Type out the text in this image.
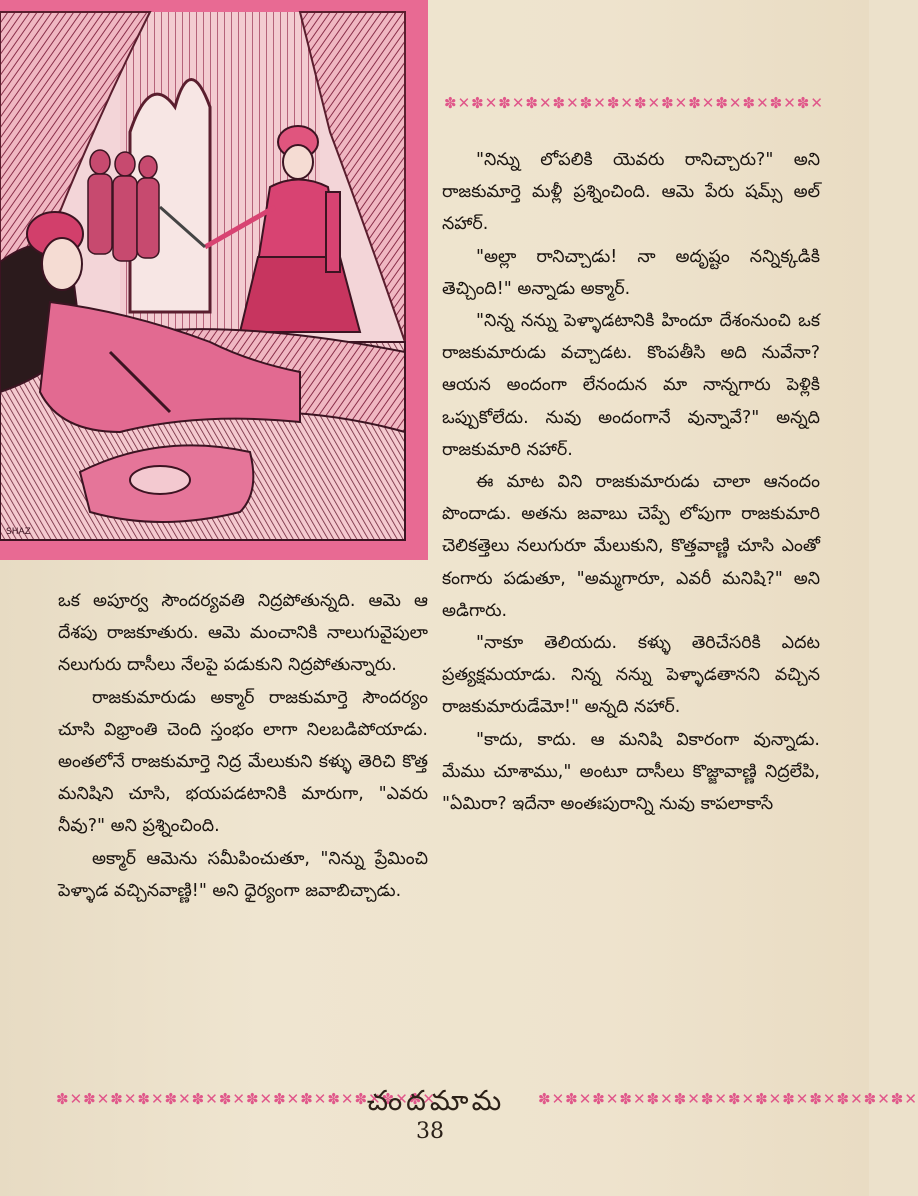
SHAZ
✽✕✽✕✽✕✽✕✽✕✽✕✽✕✽✕✽✕✽✕✽✕✽✕✽✕✽✕

"నిన్ను లోపలికి యెవరు రానిచ్చారు?" అని రాజకుమార్తె మళ్లీ ప్రశ్నించింది. ఆమె పేరు షమ్స్ అల్ నహార్.

"అల్లా రానిచ్చాడు! నా అదృష్టం నన్నిక్కడికి తెచ్చింది!" అన్నాడు అక్మార్.

"నిన్న నన్ను పెళ్ళాడటానికి హిందూ దేశంనుంచి ఒక రాజకుమారుడు వచ్చాడట. కొంపతీసి అది నువేనా? ఆయన అందంగా లేనందున మా నాన్నగారు పెళ్లికి ఒప్పుకోలేదు. నువు అందంగానే వున్నావే?" అన్నది రాజకుమారి నహార్.

ఈ మాట విని రాజకుమారుడు చాలా ఆనందం పొందాడు. అతను జవాబు చెప్పే లోపుగా రాజకుమారి చెలికత్తెలు నలుగురూ మేలుకుని, కొత్తవాణ్ణి చూసి ఎంతో కంగారు పడుతూ, "అమ్మగారూ, ఎవరీ మనిషి?" అని అడిగారు.

"నాకూ తెలియదు. కళ్ళు తెరిచేసరికి ఎదట ప్రత్యక్షమయాడు. నిన్న నన్ను పెళ్ళాడతానని వచ్చిన రాజకుమారుడేమో!" అన్నది నహార్.

"కాదు, కాదు. ఆ మనిషి వికారంగా వున్నాడు. మేము చూశాము," అంటూ దాసీలు కొజ్జావాణ్ణి నిద్రలేపి, "ఏమిరా? ఇదేనా అంతఃపురాన్ని నువు కాపలాకాసే

ఒక అపూర్వ సౌందర్యవతి నిద్రపోతున్నది. ఆమె ఆ దేశపు రాజకూతురు. ఆమె మంచానికి నాలుగువైపులా నలుగురు దాసీలు నేలపై పడుకుని నిద్రపోతున్నారు.

రాజకుమారుడు అక్మార్ రాజకుమార్తె సౌందర్యం చూసి విభ్రాంతి చెంది స్తంభం లాగా నిలబడిపోయాడు. అంతలోనే రాజకుమార్తె నిద్ర మేలుకుని కళ్ళు తెరిచి కొత్త మనిషిని చూసి, భయపడటానికి మారుగా, "ఎవరు నీవు?" అని ప్రశ్నించింది.

అక్మార్ ఆమెను సమీపించుతూ, "నిన్ను ప్రేమించి పెళ్ళాడ వచ్చినవాణ్ణి!" అని ధైర్యంగా జవాబిచ్చాడు.

✽✕✽✕✽✕✽✕✽✕✽✕✽✕✽✕✽✕✽✕✽✕✽✕✽✕✽✕
చందమామ	✽✕✽✕✽✕✽✕✽✕✽✕✽✕✽✕✽✕✽✕✽✕✽✕✽✕✽✕
38
